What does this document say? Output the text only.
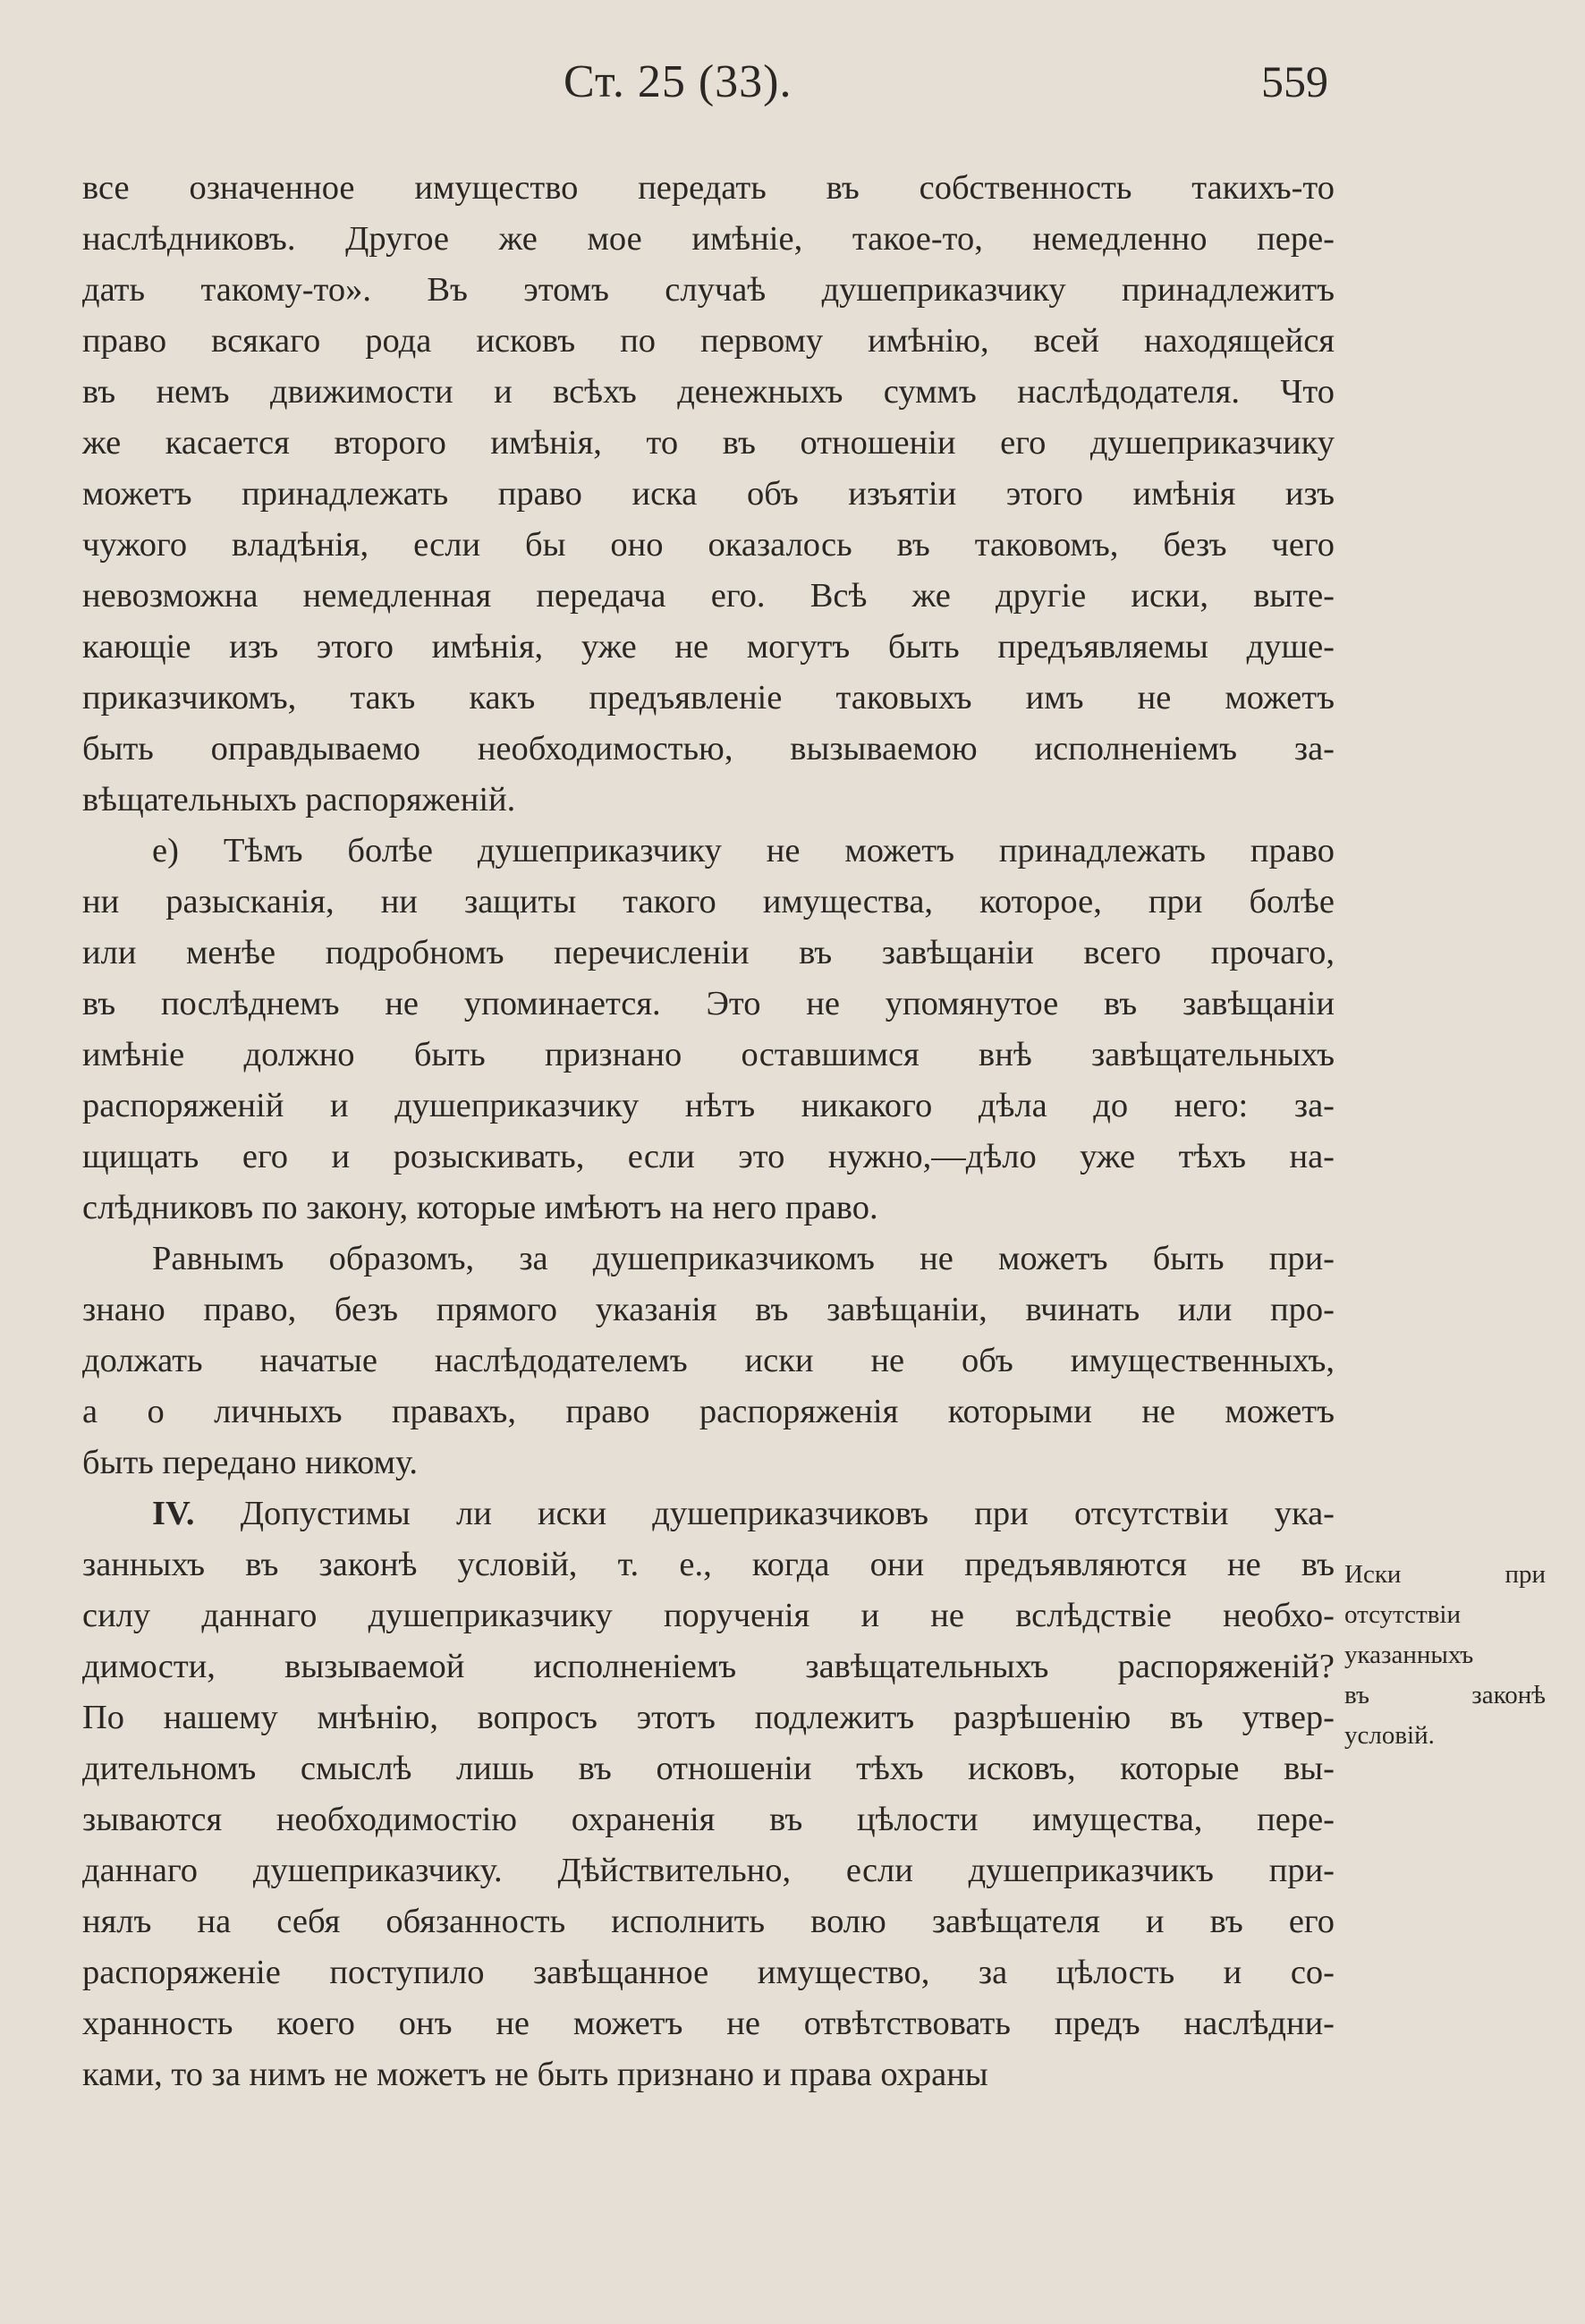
Ст. 25 (33).	559
все означенное имущество передать въ собственность такихъ-то
наслѣдниковъ. Другое же мое имѣніе, такое-то, немедленно пере-
дать такому-то». Въ этомъ случаѣ душеприказчику принадлежитъ
право всякаго рода исковъ по первому имѣнію, всей находящейся
въ немъ движимости и всѣхъ денежныхъ суммъ наслѣдодателя. Что
же касается второго имѣнія, то въ отношеніи его душеприказчику
можетъ принадлежать право иска объ изъятіи этого имѣнія изъ
чужого владѣнія, если бы оно оказалось въ таковомъ, безъ чего
невозможна немедленная передача его. Всѣ же другіе иски, выте-
кающіе изъ этого имѣнія, уже не могутъ быть предъявляемы душе-
приказчикомъ, такъ какъ предъявленіе таковыхъ имъ не можетъ
быть оправдываемо необходимостью, вызываемою исполненіемъ за-
вѣщательныхъ распоряженій.
е) Тѣмъ болѣе душеприказчику не можетъ принадлежать право
ни разысканія, ни защиты такого имущества, которое, при болѣе
или менѣе подробномъ перечисленіи въ завѣщаніи всего прочаго,
въ послѣднемъ не упоминается. Это не упомянутое въ завѣщаніи
имѣніе должно быть признано оставшимся внѣ завѣщательныхъ
распоряженій и душеприказчику нѣтъ никакого дѣла до него: за-
щищать его и розыскивать, если это нужно,—дѣло уже тѣхъ на-
слѣдниковъ по закону, которые имѣютъ на него право.
Равнымъ образомъ, за душеприказчикомъ не можетъ быть при-
знано право, безъ прямого указанія въ завѣщаніи, вчинать или про-
должать начатые наслѣдодателемъ иски не объ имущественныхъ,
а о личныхъ правахъ, право распоряженія которыми не можетъ
быть передано никому.
IV. Допустимы ли иски душеприказчиковъ при отсутствіи ука-
занныхъ въ законѣ условій, т. е., когда они предъявляются не въ
силу даннаго душеприказчику порученія и не вслѣдствіе необхо-
димости, вызываемой исполненіемъ завѣщательныхъ распоряженій?
По нашему мнѣнію, вопросъ этотъ подлежитъ разрѣшенію въ утвер-
дительномъ смыслѣ лишь въ отношеніи тѣхъ исковъ, которые вы-
зываются необходимостію охраненія въ цѣлости имущества, пере-
даннаго душеприказчику. Дѣйствительно, если душеприказчикъ при-
нялъ на себя обязанность исполнить волю завѣщателя и въ его
распоряженіе поступило завѣщанное имущество, за цѣлость и со-
хранность коего онъ не можетъ не отвѣтствовать предъ наслѣдни-
ками, то за нимъ не можетъ не быть признано и права охраны
Иски при
отсутствіи
указанныхъ
въ законѣ
условій.
